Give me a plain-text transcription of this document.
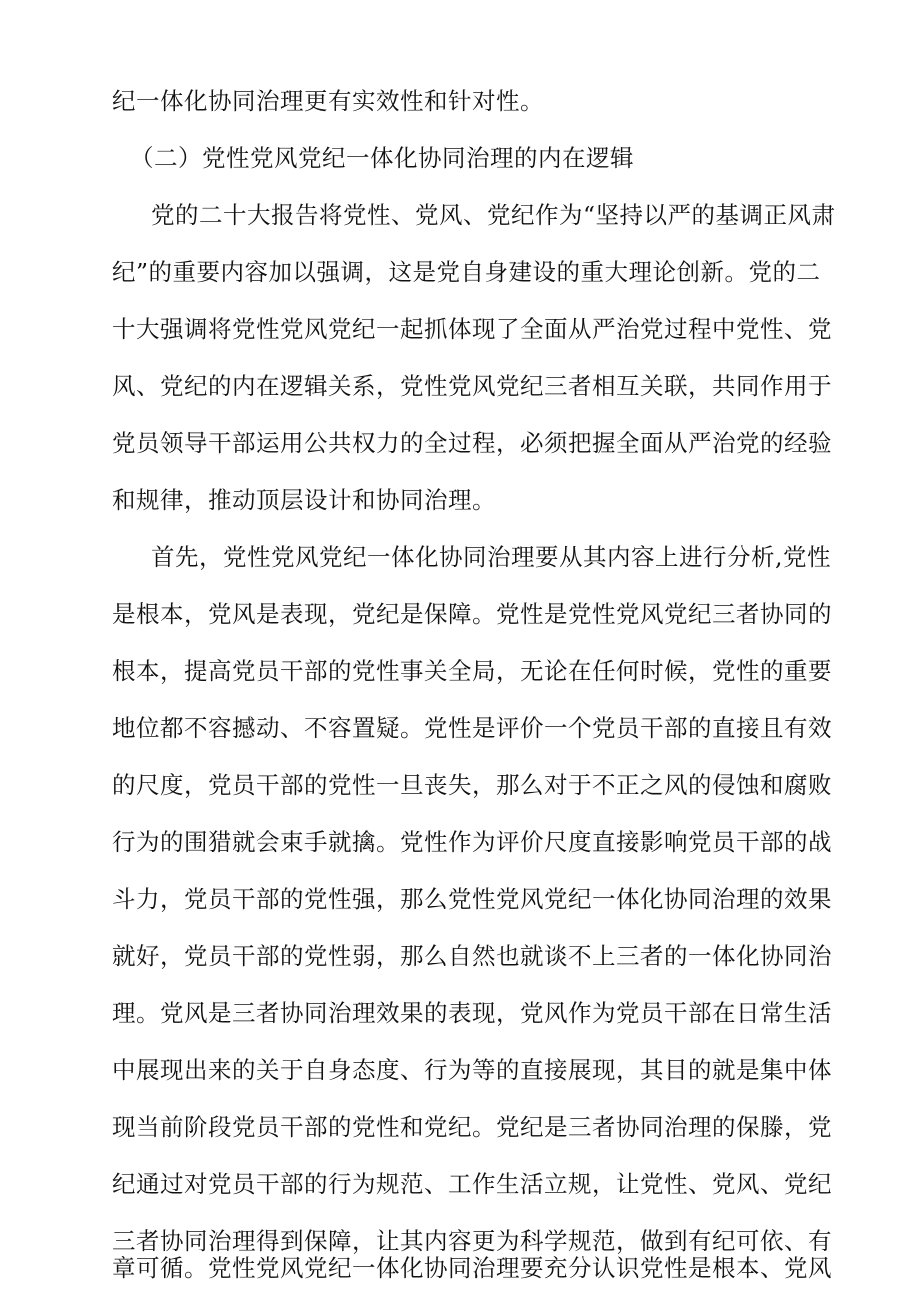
纪一体化协同治理更有实效性和针对性。
（二）党性党风党纪一体化协同治理的内在逻辑
党的二十大报告将党性、党风、党纪作为“坚持以严的基调正风肃
纪”的重要内容加以强调，这是党自身建设的重大理论创新。党的二
十大强调将党性党风党纪一起抓体现了全面从严治党过程中党性、党
风、党纪的内在逻辑关系，党性党风党纪三者相互关联，共同作用于
党员领导干部运用公共权力的全过程，必须把握全面从严治党的经验
和规律，推动顶层设计和协同治理。
首先，党性党风党纪一体化协同治理要从其内容上进行分析,党性
是根本，党风是表现，党纪是保障。党性是党性党风党纪三者协同的
根本，提高党员干部的党性事关全局，无论在任何时候，党性的重要
地位都不容撼动、不容置疑。党性是评价一个党员干部的直接且有效
的尺度，党员干部的党性一旦丧失，那么对于不正之风的侵蚀和腐败
行为的围猎就会束手就擒。党性作为评价尺度直接影响党员干部的战
斗力，党员干部的党性强，那么党性党风党纪一体化协同治理的效果
就好，党员干部的党性弱，那么自然也就谈不上三者的一体化协同治
理。党风是三者协同治理效果的表现，党风作为党员干部在日常生活
中展现出来的关于自身态度、行为等的直接展现，其目的就是集中体
现当前阶段党员干部的党性和党纪。党纪是三者协同治理的保滕，党
纪通过对党员干部的行为规范、工作生活立规，让党性、党风、党纪
三者协同治理得到保障，让其内容更为科学规范，做到有纪可依、有
章可循。党性党风党纪一体化协同治理要充分认识党性是根本、党风
